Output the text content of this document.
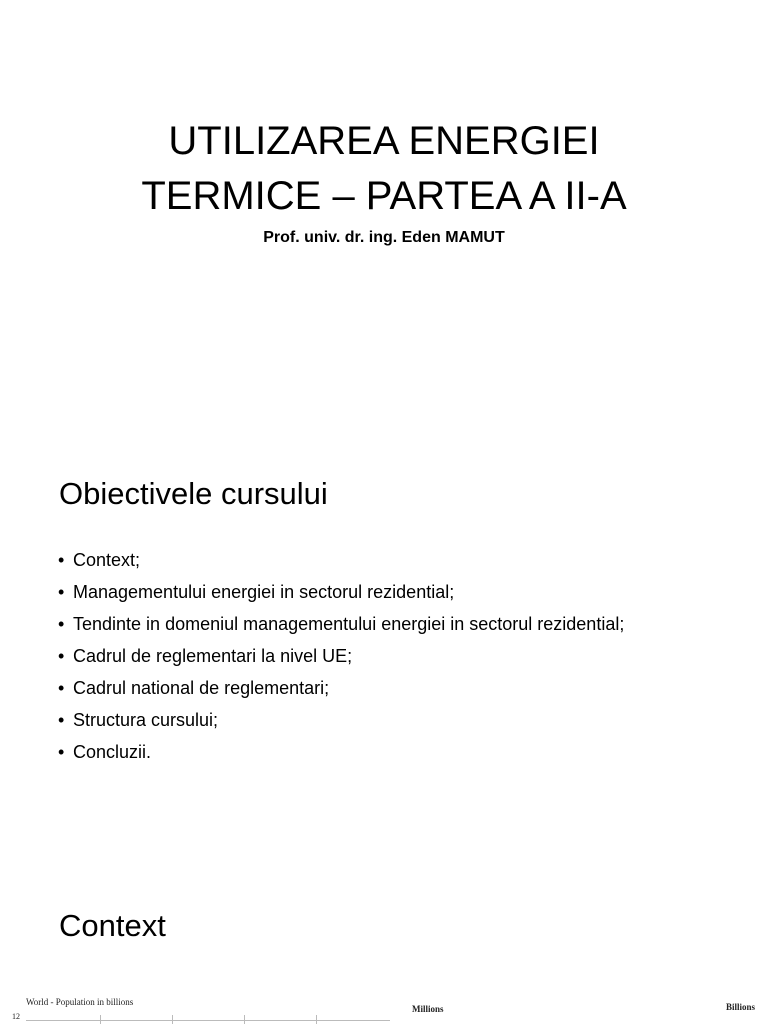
UTILIZAREA ENERGIEI
TERMICE – PARTEA A II-A

Prof. univ. dr. ing. Eden MAMUT

Obiectivele cursului
• Context;
• Managementului energiei in sectorul rezidential;
• Tendinte in domeniul managementului energiei in sectorul rezidential;
• Cadrul de reglementari la nivel UE;
• Cadrul national de reglementari;
• Structura cursului;
• Concluzii.
Context
World - Population in billions
12
Millions	Billions
